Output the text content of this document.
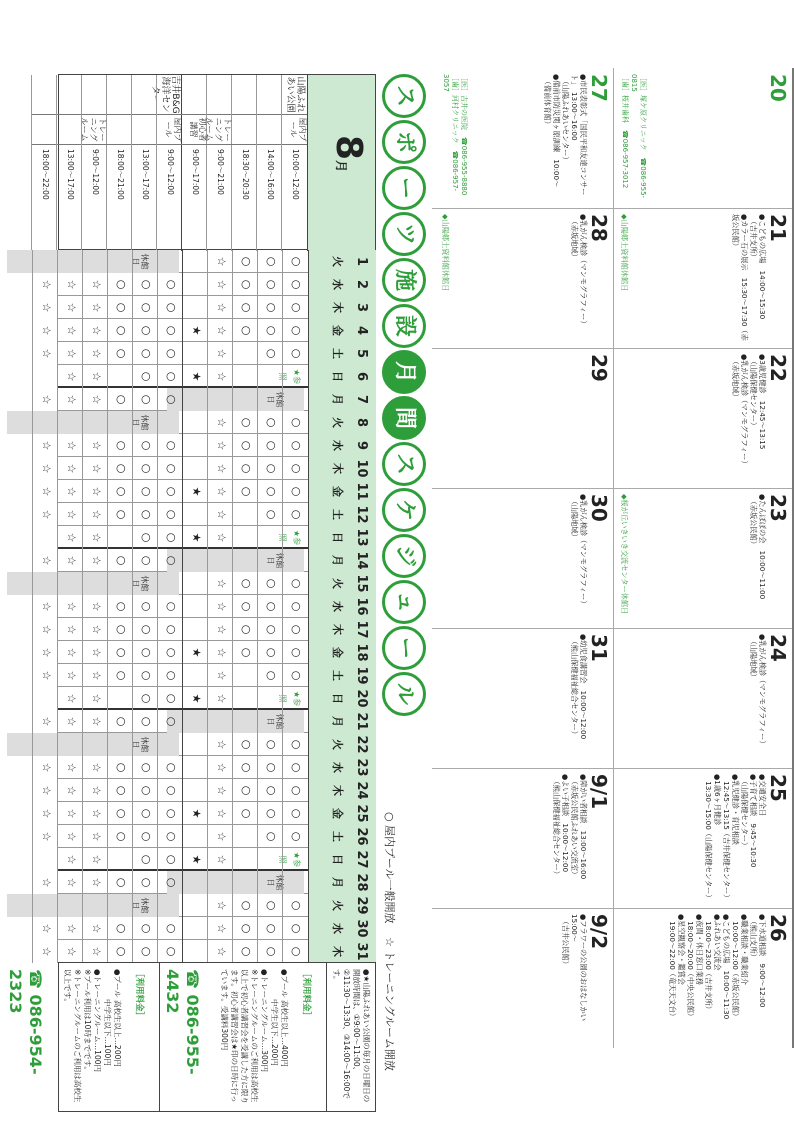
20
［医］塚ケ原クリニック　☎086-955-0815
［歯］桜井歯科　☎086-957-3012
27
●市民表彰式「国民平和友達コンサート」　13:00〜16:00
　（山陽ふれあいセンター）
●備前市防災関ヶ原訓練　10:00〜
　（備前体育館）
［医］吉井の医院　☎086-955-8880
［歯］河村クリニック　☎086-957-3057
21
●こどもの広場　14:00〜15:30
　（吉井支所）
●カラー石の展示　15:30〜17:30（赤坂公民館）
◆山陽郷土資料館休館日
28
●乳がん検診（マンモグラフィー）
　（赤坂地域）
◆山陽郷土資料館休館日
22
●3歳児健診　12:45〜13:15
　（山陽保健センター）
●乳がん検診（マンモグラフィー）
　（赤坂地域）
29
23
●たんぽぽの会　10:00〜11:00
　（赤坂公民館）
◆桜が丘いきいき交流センター休館日
30
●乳がん検診（マンモグラフィー）
　（山陽地域）
24
●乳がん検診（マンモグラフィー）
　（山陽地域）
31
●幼児食講習会　10:00〜12:00
　（熊山保健福祉総合センター）
25
●交通安全日
●子育て相談　9:45〜10:30
　（山陽保健センター）
●乳児健診・育児相談
　12:45〜13:15（吉井保健センター）
●1歳6ヶ月健診
　13:30〜15:00（山陽保健センター）
9/1
●障がい者相談　13:00〜16:00
　（赤坂公民館ふれあい交流室）
●よい子相談　10:00〜12:00
　（熊山保健福祉総合センター）
26
●下水道相談　9:00〜12:00
　（熊山支所）
●職業相談・職業紹介
　10:00〜12:00（赤坂公民館）
●こどもの広場　10:00〜11:30
●ふれあい交流会
　18:00〜23:00（吉井支所）
●夜間・休日窓口業務
　18:00〜20:00（中央公民館）
●星空観察会・鑑賞会
　19:00〜22:00（竜天天文台）
9/2
●フラワーの公園のおはなしかい　15:00〜
　（吉井公民館）
ス
ポ
ー
ツ
施
設
月
間
ス
ケ
ジ
ュ
ー
ル
○ 屋内プール一般開放 ☆ トレーニングルーム開放
8月
山陽ふれあい公園
屋内プール
10:00〜12:00
14:00〜16:00
18:30〜20:30
トレーニングルーム
9:00〜21:00
初心者講習
9:00〜17:00
吉井B&G海洋センター
屋内プール
9:00〜12:00
13:00〜17:00
18:00〜21:00
トレーニングルーム
9:00〜12:00
13:00〜17:00
18:00〜22:00
1
火
○
○
○
☆
休館日
2
水
○
○
○
☆
○
○
○
☆
☆
☆
3
木
○
○
○
☆
○
○
○
☆
☆
☆
4
金
○
○
○
☆
★
○
○
○
☆
☆
☆
5
土
○
○
☆
○
○
○
☆
☆
☆
6
日
★参照
☆
★
○
○
☆
☆
7
月
休館日
○
○
○
☆
☆
☆
8
火
○
○
○
☆
休館日
9
水
○
○
○
☆
○
○
○
☆
☆
☆
10
木
○
○
○
☆
○
○
○
☆
☆
☆
11
金
○
○
○
☆
★
○
○
○
☆
☆
☆
12
土
○
○
☆
○
○
○
☆
☆
☆
13
日
★参照
☆
★
○
○
☆
☆
14
月
休館日
○
○
○
☆
☆
☆
15
火
○
○
○
☆
休館日
16
水
○
○
○
☆
○
○
○
☆
☆
☆
17
木
○
○
○
☆
○
○
○
☆
☆
☆
18
金
○
○
○
☆
★
○
○
○
☆
☆
☆
19
土
○
○
☆
○
○
○
☆
☆
☆
20
日
★参照
☆
★
○
○
☆
☆
21
月
休館日
○
○
○
☆
☆
☆
22
火
○
○
○
☆
休館日
23
水
○
○
○
☆
○
○
○
☆
☆
☆
24
木
○
○
○
☆
○
○
○
☆
☆
☆
25
金
○
○
○
☆
★
○
○
○
☆
☆
☆
26
土
○
○
☆
○
○
○
☆
☆
☆
27
日
★参照
☆
★
○
○
☆
☆
28
月
休館日
○
○
○
☆
☆
☆
29
火
○
○
○
☆
休館日
30
水
○
○
○
☆
○
○
○
☆
☆
☆
31
木
○
○
○
☆
○
○
○
☆
☆
☆
●★山陽ふれあい公園の毎月の日曜日の開放時間は、①9:00〜11:00、②11:30〜13:30、③14:00〜16:00です。

［利用料金］

●プール 高校生以上…400円
　　　　中学生以下…200円
●トレーニングルーム…300円
※トレーニングルームのご利用は高校生以上で初心者講習会を受講した方に限ります。初心者講習会は★印の日時に行っています。受講料300円

☎ 086-955-4432

［利用料金］

●プール 高校生以上…200円
　　　　中学生以下…100円
●トレーニングルーム…100円
※プール利用は10時までです。
※トレーニングルームのご利用は高校生以上です。

☎ 086-954-2323
